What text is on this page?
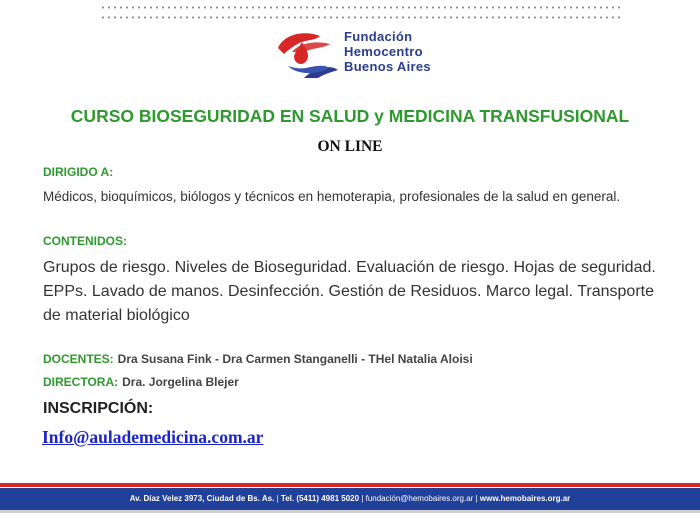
Fundación
Hemocentro
Buenos Aires
CURSO BIOSEGURIDAD EN SALUD y MEDICINA TRANSFUSIONAL
ON LINE
DIRIGIDO A:
Médicos, bioquímicos, biólogos y técnicos en hemoterapia, profesionales de la salud en general.
CONTENIDOS:
Grupos de riesgo. Niveles de Bioseguridad. Evaluación de riesgo. Hojas de seguridad. EPPs. Lavado de manos. Desinfección. Gestión de Residuos. Marco legal. Transporte de material biológico
DOCENTES: Dra Susana Fink - Dra Carmen Stanganelli - THel Natalia Aloisi
DIRECTORA: Dra. Jorgelina Blejer
INSCRIPCIÓN:
Info@aulademedicina.com.ar
Av. Díaz Velez 3973, Ciudad de Bs. As. | Tel. (5411) 4981 5020 | fundación@hemobaires.org.ar | www.hemobaires.org.ar
